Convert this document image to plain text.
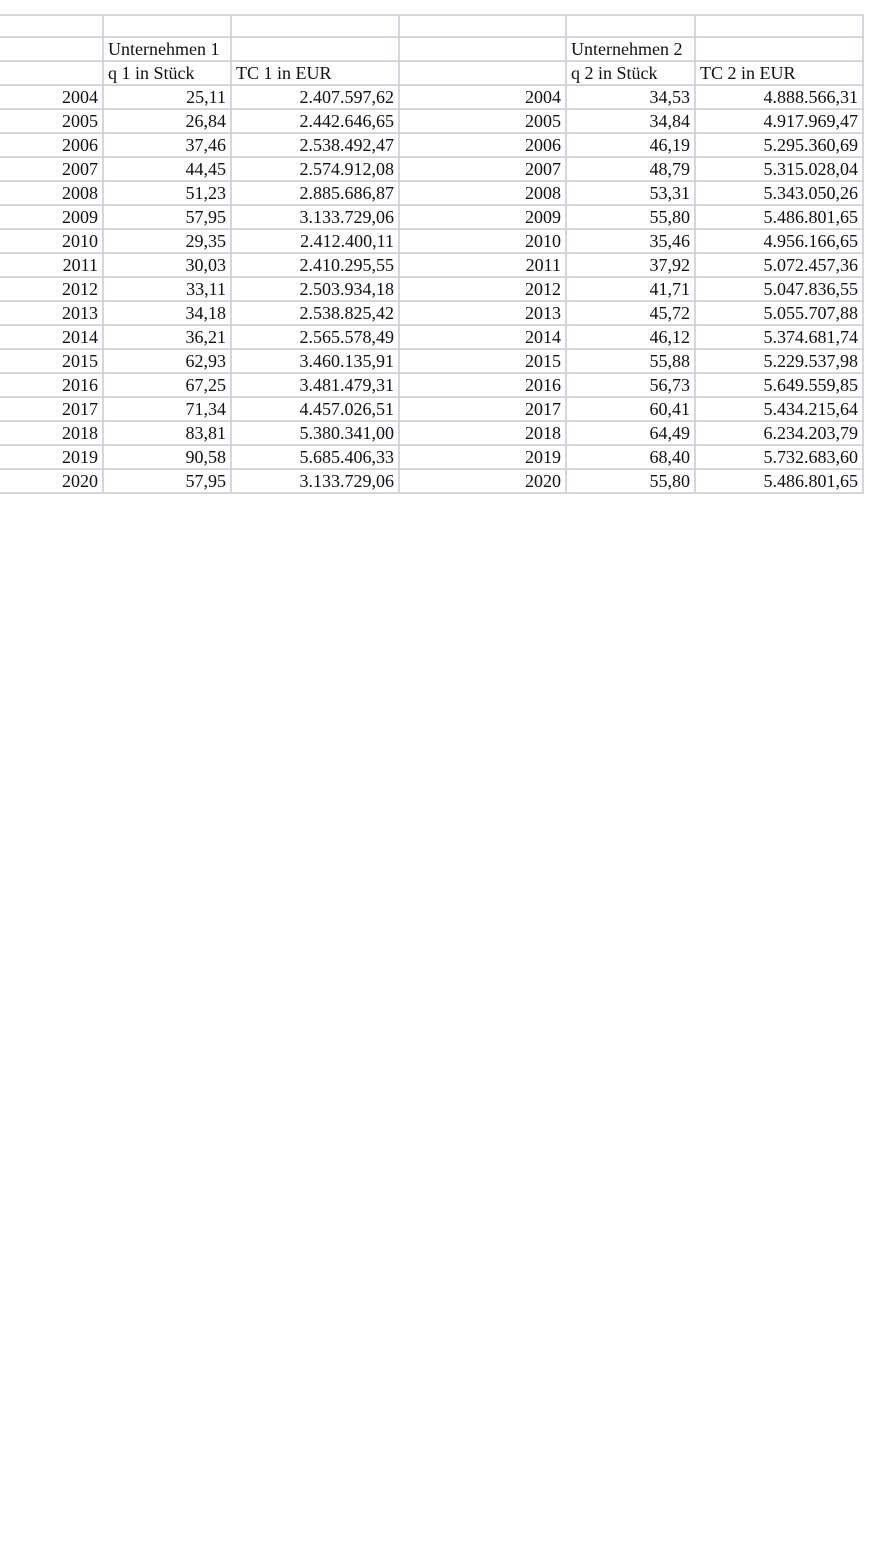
	Unternehmen 1			Unternehmen 2	
	q 1 in Stück	TC 1 in EUR		q 2 in Stück	TC 2 in EUR
2004	25,11	2.407.597,62	2004	34,53	4.888.566,31
2005	26,84	2.442.646,65	2005	34,84	4.917.969,47
2006	37,46	2.538.492,47	2006	46,19	5.295.360,69
2007	44,45	2.574.912,08	2007	48,79	5.315.028,04
2008	51,23	2.885.686,87	2008	53,31	5.343.050,26
2009	57,95	3.133.729,06	2009	55,80	5.486.801,65
2010	29,35	2.412.400,11	2010	35,46	4.956.166,65
2011	30,03	2.410.295,55	2011	37,92	5.072.457,36
2012	33,11	2.503.934,18	2012	41,71	5.047.836,55
2013	34,18	2.538.825,42	2013	45,72	5.055.707,88
2014	36,21	2.565.578,49	2014	46,12	5.374.681,74
2015	62,93	3.460.135,91	2015	55,88	5.229.537,98
2016	67,25	3.481.479,31	2016	56,73	5.649.559,85
2017	71,34	4.457.026,51	2017	60,41	5.434.215,64
2018	83,81	5.380.341,00	2018	64,49	6.234.203,79
2019	90,58	5.685.406,33	2019	68,40	5.732.683,60
2020	57,95	3.133.729,06	2020	55,80	5.486.801,65
